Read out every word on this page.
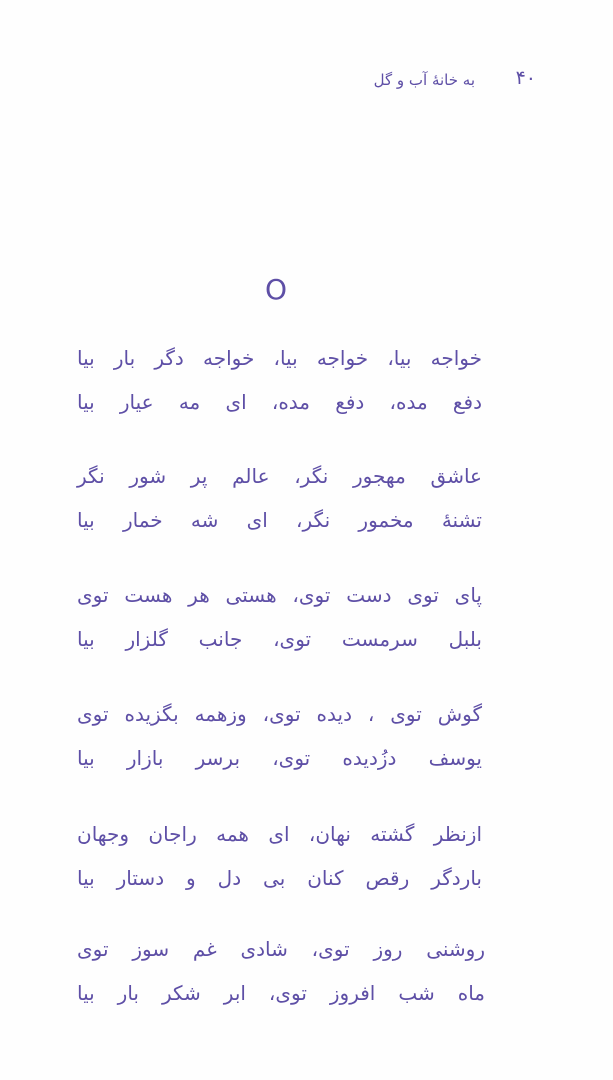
۴۰
به خانهٔ آب و گل
O
خواجه بیا، خواجه بیا، خواجه دگر بار بیا
دفع مده، دفع مده، ای مه عیار بیا
عاشق مهجور نگر، عالم پر شور نگر
تشنهٔ مخمور نگر، ای شه خمار بیا
پای توی دست توی، هستی هر هست توی
بلبل سرمست توی، جانب گلزار بیا
گوش توی ، دیده توی، وزهمه بگزیده توی
یوسف دزُدیده توی، برسر بازار بیا
ازنظر گشته نهان، ای همه راجان وجهان
باردگر رقص کنان بی دل و دستار بیا
روشنی روز توی، شادی غم سوز توی
ماه شب افروز توی، ابر شکر بار بیا
